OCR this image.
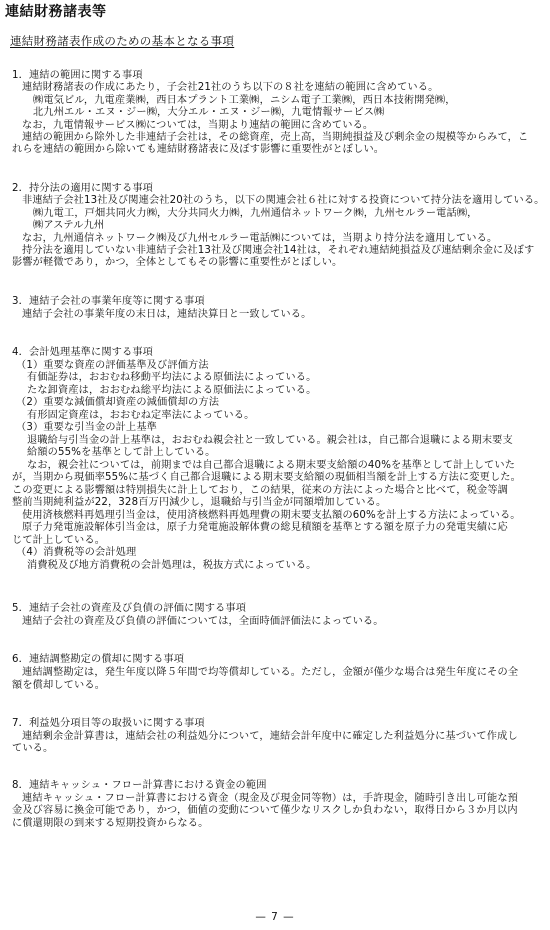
連結財務諸表等
連結財務諸表作成のための基本となる事項
1．連結の範囲に関する事項
連結財務諸表の作成にあたり，子会社21社のうち以下の８社を連結の範囲に含めている。
㈱電気ビル，九電産業㈱，西日本プラント工業㈱，ニシム電子工業㈱，西日本技術開発㈱，
北九州エル・エヌ・ジー㈱，大分エル・エヌ・ジー㈱，九電情報サービス㈱
なお，九電情報サービス㈱については，当期より連結の範囲に含めている。
連結の範囲から除外した非連結子会社は，その総資産，売上高，当期純損益及び剰余金の規模等からみて，こ
れらを連結の範囲から除いても連結財務諸表に及ぼす影響に重要性がとぼしい。
2．持分法の適用に関する事項
非連結子会社13社及び関連会社20社のうち，以下の関連会社６社に対する投資について持分法を適用している。
㈱九電工，戸畑共同火力㈱，大分共同火力㈱，九州通信ネットワーク㈱，九州セルラー電話㈱，
㈱アステル九州
なお，九州通信ネットワーク㈱及び九州セルラー電話㈱については，当期より持分法を適用している。
持分法を適用していない非連結子会社13社及び関連会社14社は，それぞれ連結純損益及び連結剰余金に及ぼす
影響が軽微であり，かつ，全体としてもその影響に重要性がとぼしい。
3．連結子会社の事業年度等に関する事項
連結子会社の事業年度の末日は，連結決算日と一致している。
4．会計処理基準に関する事項
（1）重要な資産の評価基準及び評価方法
有価証券は，おおむね移動平均法による原価法によっている。
たな卸資産は，おおむね総平均法による原価法によっている。
（2）重要な減価償却資産の減価償却の方法
有形固定資産は，おおむね定率法によっている。
（3）重要な引当金の計上基準
退職給与引当金の計上基準は，おおむね親会社と一致している。親会社は，自己都合退職による期末要支
給額の55%を基準として計上している。
なお，親会社については，前期までは自己都合退職による期末要支給額の40%を基準として計上していた
が，当期から現価率55%に基づく自己都合退職による期末要支給額の現価相当額を計上する方法に変更した。
この変更による影響額は特別損失に計上しており，この結果，従来の方法によった場合と比べて，税金等調
整前当期純利益が22，328百万円減少し，退職給与引当金が同額増加している。
使用済核燃料再処理引当金は，使用済核燃料再処理費の期末要支払額の60%を計上する方法によっている。
原子力発電施設解体引当金は，原子力発電施設解体費の総見積額を基準とする額を原子力の発電実績に応
じて計上している。
（4）消費税等の会計処理
消費税及び地方消費税の会計処理は，税抜方式によっている。
5．連結子会社の資産及び負債の評価に関する事項
連結子会社の資産及び負債の評価については，全面時価評価法によっている。
6．連結調整勘定の償却に関する事項
連結調整勘定は，発生年度以降５年間で均等償却している。ただし，金額が僅少な場合は発生年度にその全
額を償却している。
7．利益処分項目等の取扱いに関する事項
連結剰余金計算書は，連結会社の利益処分について，連結会計年度中に確定した利益処分に基づいて作成し
ている。
8．連結キャッシュ・フロー計算書における資金の範囲
連結キャッシュ・フロー計算書における資金（現金及び現金同等物）は，手許現金，随時引き出し可能な預
金及び容易に換金可能であり，かつ，価値の変動について僅少なリスクしか負わない，取得日から３か月以内
に償還期限の到来する短期投資からなる。
— 7 —
